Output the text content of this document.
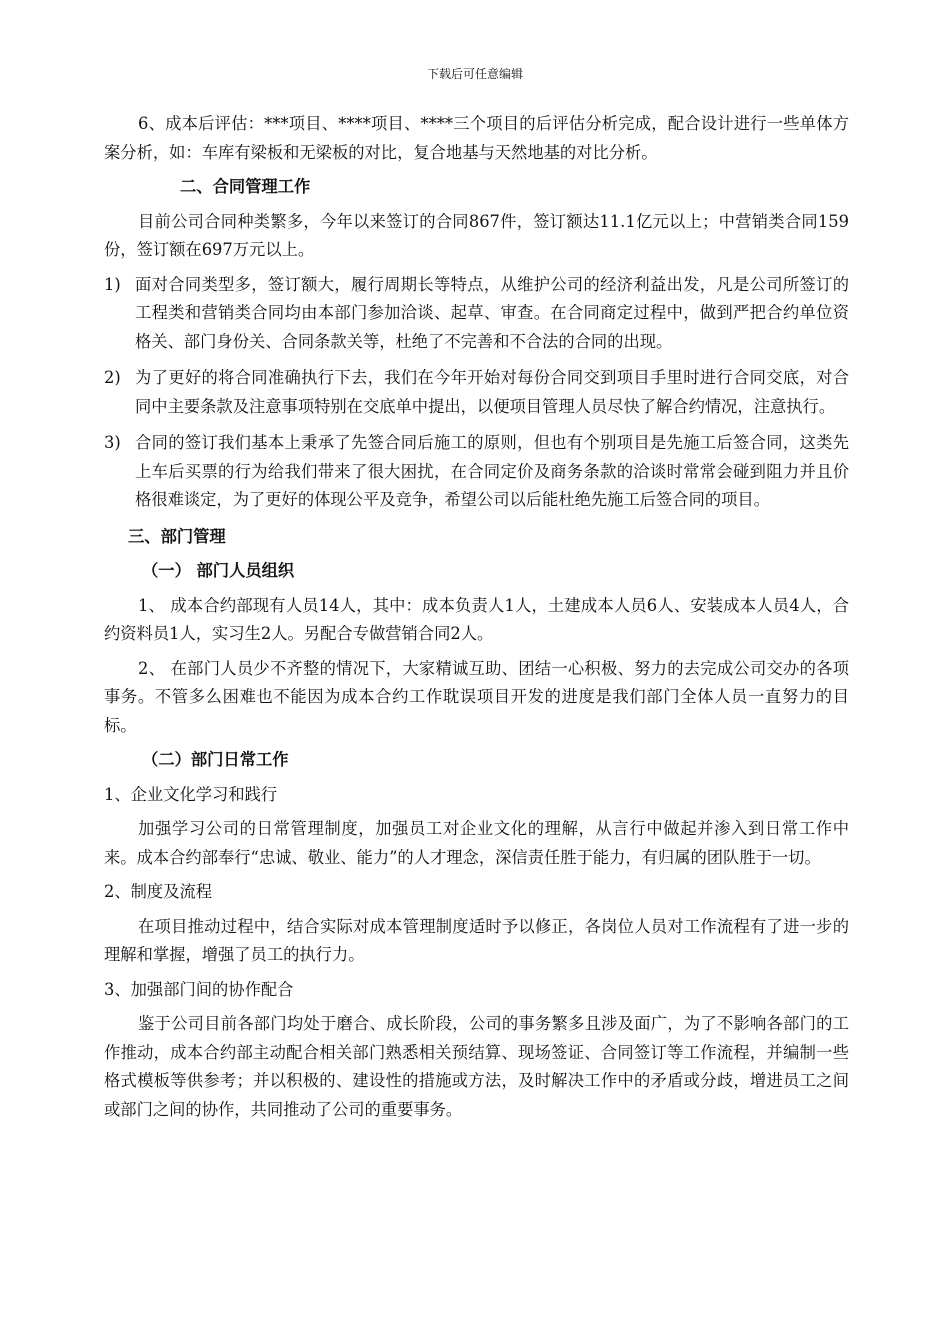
下载后可任意编辑

6、成本后评估：***项目、****项目、****三个项目的后评估分析完成，配合设计进行一些单体方案分析，如：车库有梁板和无梁板的对比，复合地基与天然地基的对比分析。

二、合同管理工作

目前公司合同种类繁多，今年以来签订的合同867件，签订额达11.1亿元以上；中营销类合同159份，签订额在697万元以上。

1) 面对合同类型多，签订额大，履行周期长等特点，从维护公司的经济利益出发，凡是公司所签订的工程类和营销类合同均由本部门参加洽谈、起草、审查。在合同商定过程中，做到严把合约单位资格关、部门身份关、合同条款关等，杜绝了不完善和不合法的合同的出现。
2) 为了更好的将合同准确执行下去，我们在今年开始对每份合同交到项目手里时进行合同交底，对合同中主要条款及注意事项特别在交底单中提出，以便项目管理人员尽快了解合约情况，注意执行。
3) 合同的签订我们基本上秉承了先签合同后施工的原则，但也有个别项目是先施工后签合同，这类先上车后买票的行为给我们带来了很大困扰，在合同定价及商务条款的洽谈时常常会碰到阻力并且价格很难谈定，为了更好的体现公平及竞争，希望公司以后能杜绝先施工后签合同的项目。

三、部门管理

（一） 部门人员组织

1、 成本合约部现有人员14人，其中：成本负责人1人，土建成本人员6人、安装成本人员4人，合约资料员1人，实习生2人。另配合专做营销合同2人。

2、 在部门人员少不齐整的情况下，大家精诚互助、团结一心积极、努力的去完成公司交办的各项事务。不管多么困难也不能因为成本合约工作耽误项目开发的进度是我们部门全体人员一直努力的目标。

（二）部门日常工作

1、企业文化学习和践行

加强学习公司的日常管理制度，加强员工对企业文化的理解，从言行中做起并渗入到日常工作中来。成本合约部奉行“忠诚、敬业、能力”的人才理念，深信责任胜于能力，有归属的团队胜于一切。

2、制度及流程

在项目推动过程中，结合实际对成本管理制度适时予以修正，各岗位人员对工作流程有了进一步的理解和掌握，增强了员工的执行力。

3、加强部门间的协作配合

鉴于公司目前各部门均处于磨合、成长阶段，公司的事务繁多且涉及面广，为了不影响各部门的工作推动，成本合约部主动配合相关部门熟悉相关预结算、现场签证、合同签订等工作流程，并编制一些格式模板等供参考；并以积极的、建设性的措施或方法，及时解决工作中的矛盾或分歧，增进员工之间或部门之间的协作，共同推动了公司的重要事务。
